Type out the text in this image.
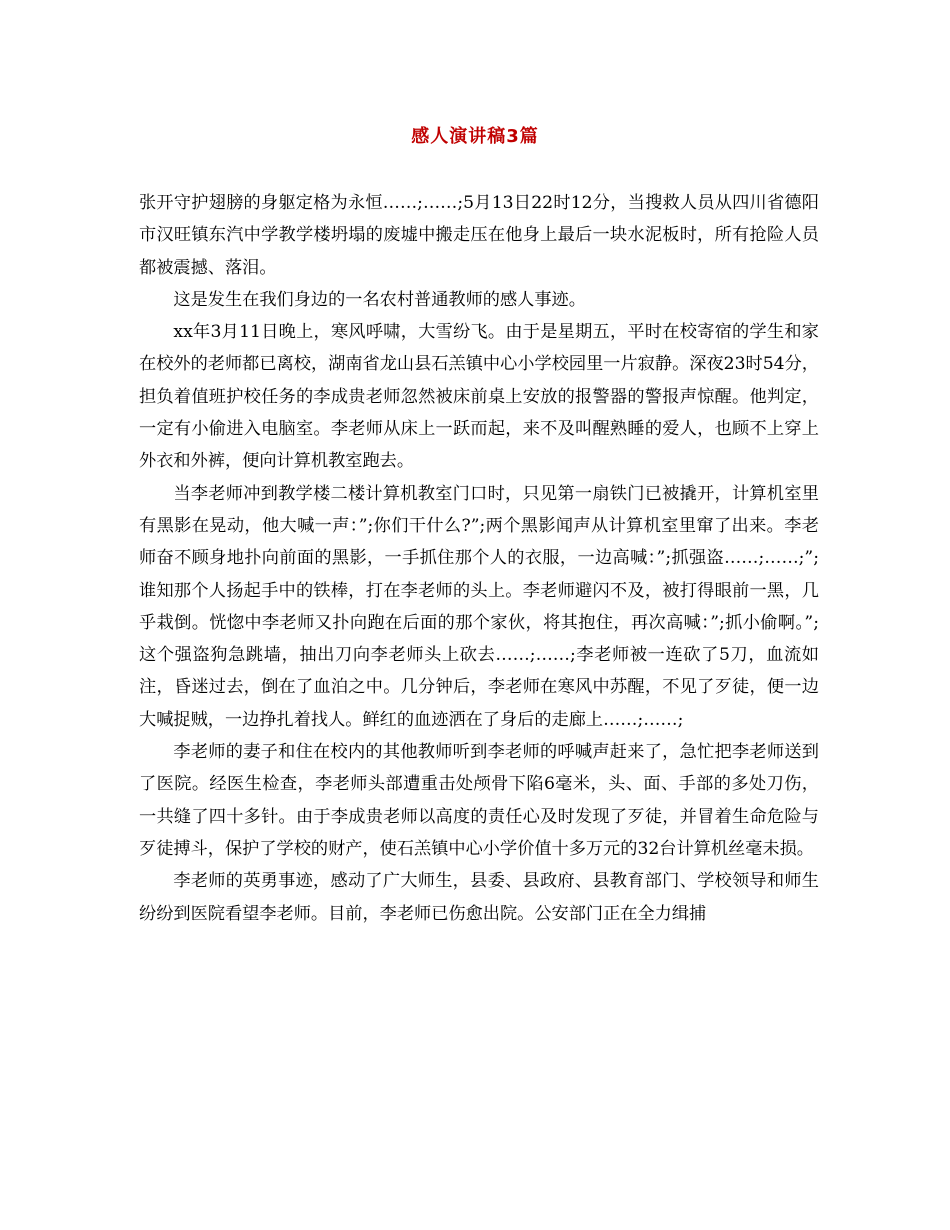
感人演讲稿3篇

张开守护翅膀的身躯定格为永恒……;……;5月13日22时12分，当搜救人员从四川省德阳市汉旺镇东汽中学教学楼坍塌的废墟中搬走压在他身上最后一块水泥板时，所有抢险人员都被震撼、落泪。

这是发生在我们身边的一名农村普通教师的感人事迹。

xx年3月11日晚上，寒风呼啸，大雪纷飞。由于是星期五，平时在校寄宿的学生和家在校外的老师都已离校，湖南省龙山县石羔镇中心小学校园里一片寂静。深夜23时54分，担负着值班护校任务的李成贵老师忽然被床前桌上安放的报警器的警报声惊醒。他判定，一定有小偷进入电脑室。李老师从床上一跃而起，来不及叫醒熟睡的爱人，也顾不上穿上外衣和外裤，便向计算机教室跑去。

当李老师冲到教学楼二楼计算机教室门口时，只见第一扇铁门已被撬开，计算机室里有黑影在晃动，他大喊一声：”;你们干什么?”;两个黑影闻声从计算机室里窜了出来。李老师奋不顾身地扑向前面的黑影，一手抓住那个人的衣服，一边高喊：”;抓强盗……;……;”;谁知那个人扬起手中的铁棒，打在李老师的头上。李老师避闪不及，被打得眼前一黑，几乎栽倒。恍惚中李老师又扑向跑在后面的那个家伙，将其抱住，再次高喊：”;抓小偷啊。”;这个强盗狗急跳墙，抽出刀向李老师头上砍去……;……;李老师被一连砍了5刀，血流如注，昏迷过去，倒在了血泊之中。几分钟后，李老师在寒风中苏醒，不见了歹徒，便一边大喊捉贼，一边挣扎着找人。鲜红的血迹洒在了身后的走廊上……;……;

李老师的妻子和住在校内的其他教师听到李老师的呼喊声赶来了，急忙把李老师送到了医院。经医生检查，李老师头部遭重击处颅骨下陷6毫米，头、面、手部的多处刀伤，一共缝了四十多针。由于李成贵老师以高度的责任心及时发现了歹徒，并冒着生命危险与歹徒搏斗，保护了学校的财产，使石羔镇中心小学价值十多万元的32台计算机丝毫未损。

李老师的英勇事迹，感动了广大师生，县委、县政府、县教育部门、学校领导和师生纷纷到医院看望李老师。目前，李老师已伤愈出院。公安部门正在全力缉捕
